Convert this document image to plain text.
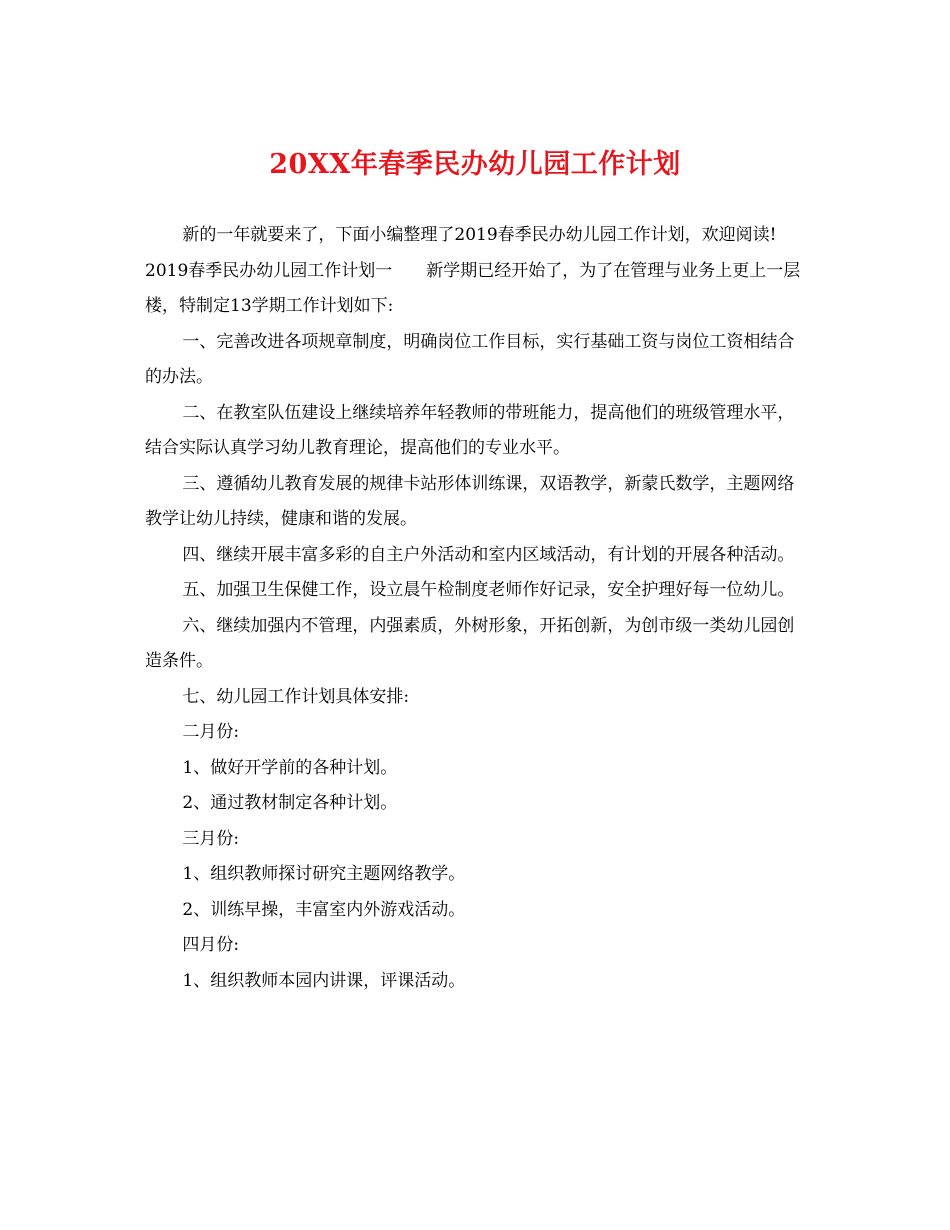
20XX年春季民办幼儿园工作计划

新的一年就要来了，下面小编整理了2019春季民办幼儿园工作计划，欢迎阅读!

2019春季民办幼儿园工作计划一　　新学期已经开始了，为了在管理与业务上更上一层楼，特制定13学期工作计划如下:

一、完善改进各项规章制度，明确岗位工作目标，实行基础工资与岗位工资相结合的办法。

二、在教室队伍建设上继续培养年轻教师的带班能力，提高他们的班级管理水平，结合实际认真学习幼儿教育理论，提高他们的专业水平。

三、遵循幼儿教育发展的规律卡站形体训练课，双语教学，新蒙氏数学，主题网络教学让幼儿持续，健康和谐的发展。

四、继续开展丰富多彩的自主户外活动和室内区域活动，有计划的开展各种活动。

五、加强卫生保健工作，设立晨午检制度老师作好记录，安全护理好每一位幼儿。

六、继续加强内不管理，内强素质，外树形象，开拓创新，为创市级一类幼儿园创造条件。

七、幼儿园工作计划具体安排:

二月份:

1、做好开学前的各种计划。

2、通过教材制定各种计划。

三月份:

1、组织教师探讨研究主题网络教学。

2、训练早操，丰富室内外游戏活动。

四月份:

1、组织教师本园内讲课，评课活动。
